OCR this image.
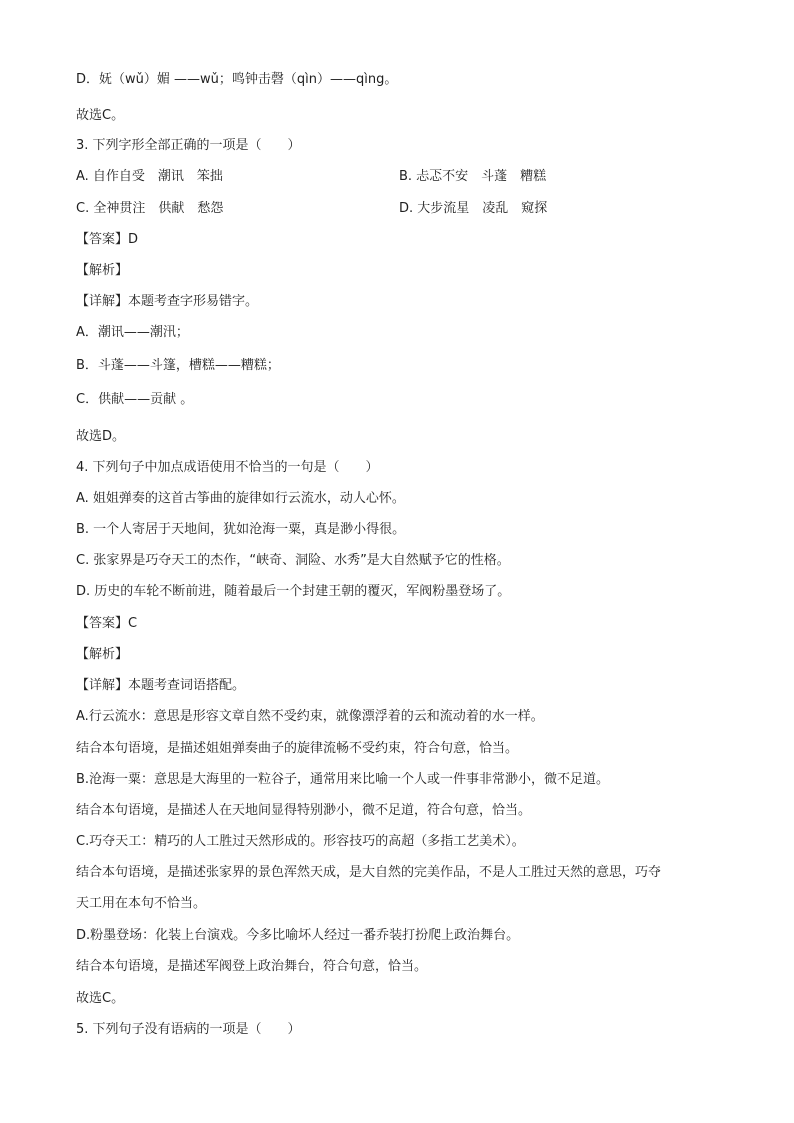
D．妩（wǔ）媚 ——wǔ；鸣钟击磬（qìn）——qìng。
故选C。
3. 下列字形全部正确的一项是（　　）
A. 自作自受　潮讯　笨拙	B. 忐忑不安　斗蓬　糟糕
C. 全神贯注　供献　愁怨	D. 大步流星　凌乱　窥探
【答案】D
【解析】
【详解】本题考查字形易错字。
A．潮讯——潮汛；
B．斗蓬——斗篷，槽糕——糟糕；
C．供献——贡献 。
故选D。
4. 下列句子中加点成语使用不恰当的一句是（　　）
A. 姐姐弹奏的这首古筝曲的旋律如行云流水，动人心怀。
B. 一个人寄居于天地间，犹如沧海一粟，真是渺小得很。
C. 张家界是巧夺天工的杰作，“峡奇、洞险、水秀”是大自然赋予它的性格。
D. 历史的车轮不断前进，随着最后一个封建王朝的覆灭，军阀粉墨登场了。
【答案】C
【解析】
【详解】本题考查词语搭配。
A.行云流水：意思是形容文章自然不受约束，就像漂浮着的云和流动着的水一样。
结合本句语境，是描述姐姐弹奏曲子的旋律流畅不受约束，符合句意，恰当。
B.沧海一粟：意思是大海里的一粒谷子，通常用来比喻一个人或一件事非常渺小，微不足道。
结合本句语境，是描述人在天地间显得特别渺小，微不足道，符合句意，恰当。
C.巧夺天工：精巧的人工胜过天然形成的。形容技巧的高超（多指工艺美术）。
结合本句语境，是描述张家界的景色浑然天成，是大自然的完美作品，不是人工胜过天然的意思，巧夺
天工用在本句不恰当。
D.粉墨登场：化装上台演戏。今多比喻坏人经过一番乔装打扮爬上政治舞台。
结合本句语境，是描述军阀登上政治舞台，符合句意，恰当。
故选C。
5. 下列句子没有语病的一项是（　　）
